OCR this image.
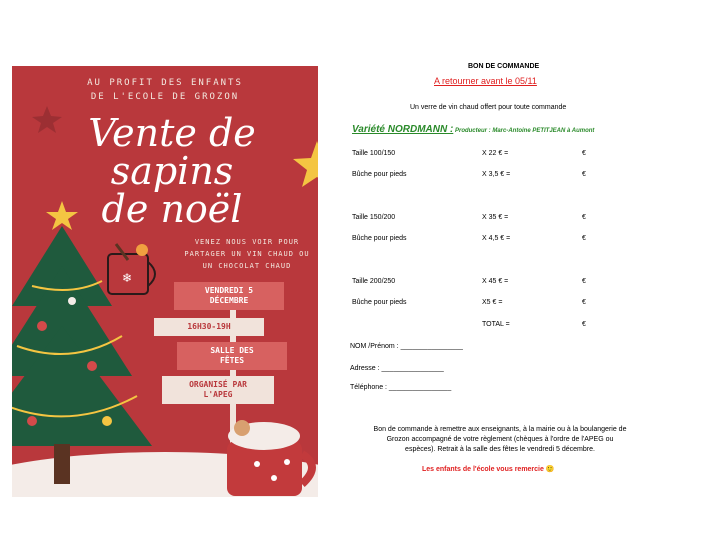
❄
AU PROFIT DES ENFANTS
DE L'ECOLE DE GROZON
Vente de
sapins
de noël
VENEZ NOUS VOIR POUR
PARTAGER UN VIN CHAUD OU
UN CHOCOLAT CHAUD
VENDREDI 5
DÉCEMBRE
16H30-19H
SALLE DES
FÊTES
ORGANISÉ PAR
L'APEG
BON DE COMMANDE
A retourner avant le 05/11
Un verre de vin chaud offert pour toute commande
Variété NORDMANN : Producteur : Marc-Antoine PETITJEAN à Aumont
Taille 100/150	X 22 € =	€
Bûche pour pieds	X 3,5 € =	€
Taille 150/200	X 35 € =	€
Bûche pour pieds	X 4,5 € =	€
Taille 200/250	X 45 € =	€
Bûche pour pieds	X5 € =	€
TOTAL =	€
NOM /Prénom : ________________
Adresse : ________________
Téléphone : ________________
Bon de commande à remettre aux enseignants, à la mairie ou à la boulangerie de
Grozon accompagné de votre règlement (chèques à l'ordre de l'APEG ou
espèces). Retrait à la salle des fêtes le vendredi 5 décembre.
Les enfants de l'école vous remercie 🙂
